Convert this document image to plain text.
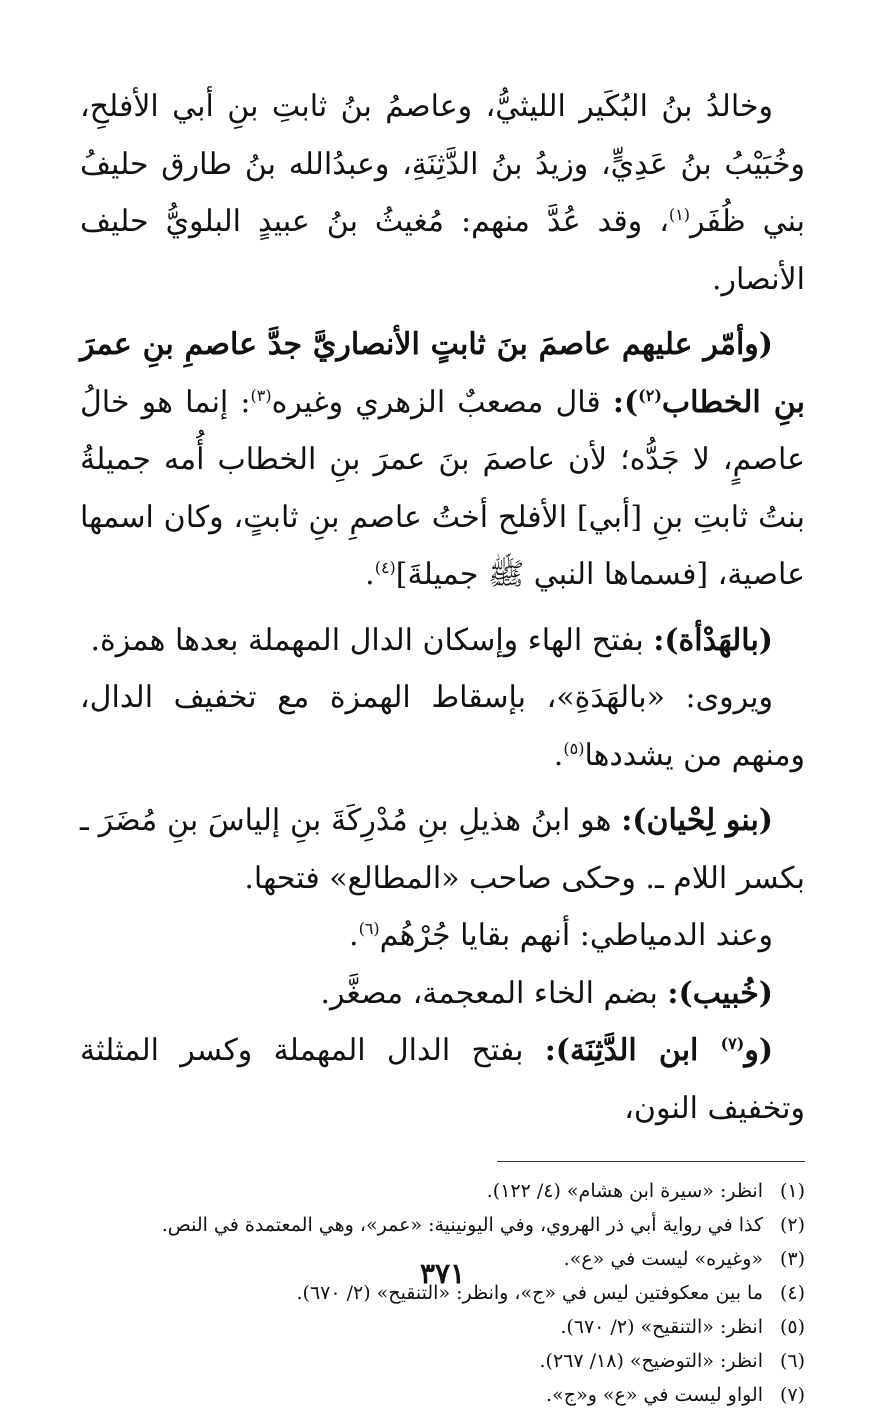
وخالدُ بنُ البُكَير الليثيُّ، وعاصمُ بنُ ثابتِ بنِ أبي الأفلحِ، وخُبَيْبُ بنُ عَدِيٍّ، وزيدُ بنُ الدَّثِنَةِ، وعبدُالله بنُ طارق حليفُ بني ظُفَر$^{(١)}$، وقد عُدَّ منهم: مُغيثُ بنُ عبيدٍ البلويُّ حليف الأنصار.

(وأمّر عليهم عاصمَ بنَ ثابتٍ الأنصاريَّ جدَّ عاصمِ بنِ عمرَ بنِ الخطاب$^{(٢)}$): قال مصعبٌ الزهري وغيره$^{(٣)}$: إنما هو خالُ عاصمٍ، لا جَدُّه؛ لأن عاصمَ بنَ عمرَ بنِ الخطاب أُمه جميلةُ بنتُ ثابتِ بنِ [أبي] الأفلح أختُ عاصمِ بنِ ثابتٍ، وكان اسمها عاصية، [فسماها النبي ﷺ جميلةَ]$^{(٤)}$.

(بالهَدْأة): بفتح الهاء وإسكان الدال المهملة بعدها همزة.

ويروى: «بالهَدَةِ»، بإسقاط الهمزة مع تخفيف الدال، ومنهم من يشددها$^{(٥)}$.

(بنو لِحْيان): هو ابنُ هذيلِ بنِ مُدْرِكَةَ بنِ إلياسَ بنِ مُضَرَ ـ بكسر اللام ـ. وحكى صاحب «المطالع» فتحها.

وعند الدمياطي: أنهم بقايا جُرْهُم$^{(٦)}$.

(خُبيب): بضم الخاء المعجمة، مصغَّر.

(و$^{(٧)}$ ابن الدَّثِنَة): بفتح الدال المهملة وكسر المثلثة وتخفيف النون،

(١)
انظر: «سيرة ابن هشام» (٤/ ١٢٢).
(٢)
كذا في رواية أبي ذر الهروي، وفي اليونينية: «عمر»، وهي المعتمدة في النص.
(٣)
«وغيره» ليست في «ع».
(٤)
ما بين معكوفتين ليس في «ج»، وانظر: «التنقيح» (٢/ ٦٧٠).
(٥)
انظر: «التنقيح» (٢/ ٦٧٠).
(٦)
انظر: «التوضيح» (١٨/ ٢٦٧).
(٧)
الواو ليست في «ع» و«ج».
٣٧١
